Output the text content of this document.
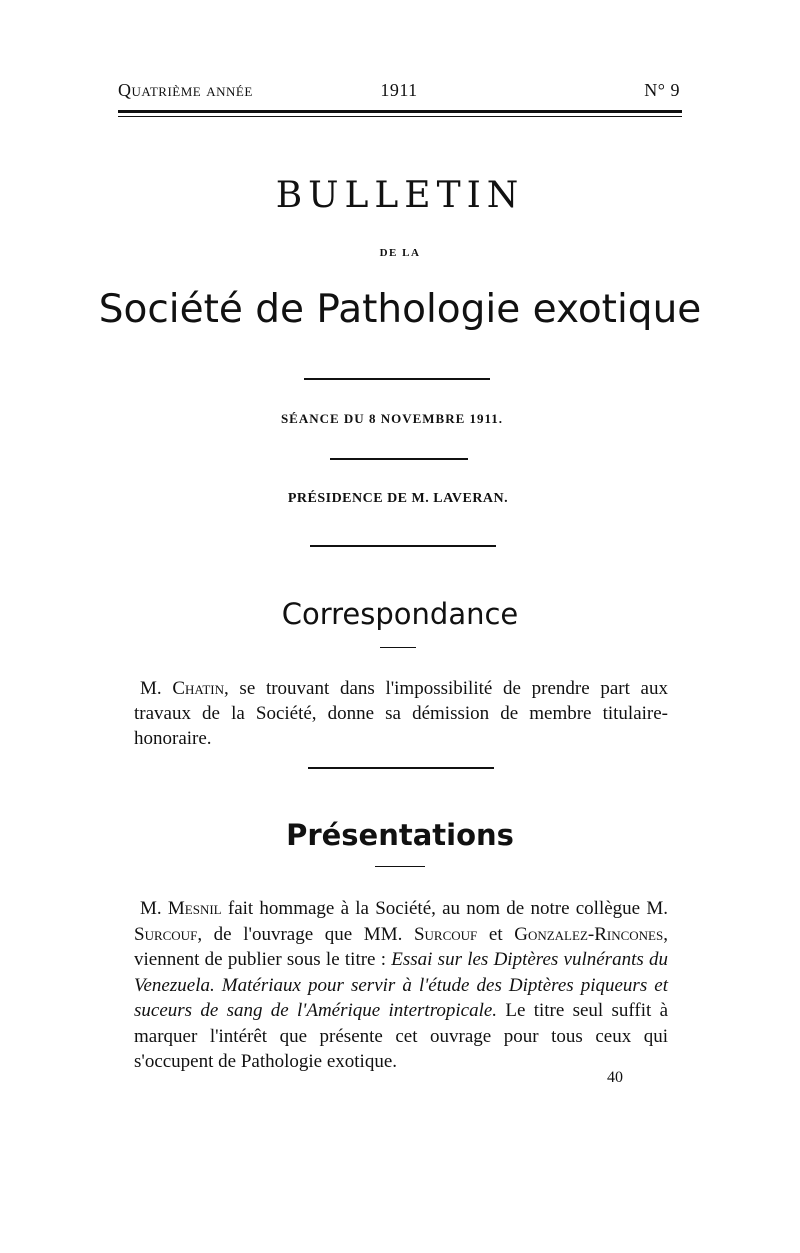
Quatrième année	1911	N° 9
BULLETIN
DE LA
Société de Pathologie exotique
SÉANCE DU 8 NOVEMBRE 1911.
PRÉSIDENCE DE M. LAVERAN.
Correspondance
M. Chatin, se trouvant dans l'impossibilité de prendre part aux travaux de la Société, donne sa démission de membre titulaire-honoraire.
Présentations
M. Mesnil fait hommage à la Société, au nom de notre collègue M. Surcouf, de l'ouvrage que MM. Surcouf et Gonzalez-Rincones, viennent de publier sous le titre : Essai sur les Diptères vulnérants du Venezuela. Matériaux pour servir à l'étude des Diptères piqueurs et suceurs de sang de l'Amérique intertropicale. Le titre seul suffit à marquer l'intérêt que présente cet ouvrage pour tous ceux qui s'occupent de Pathologie exotique.
40
